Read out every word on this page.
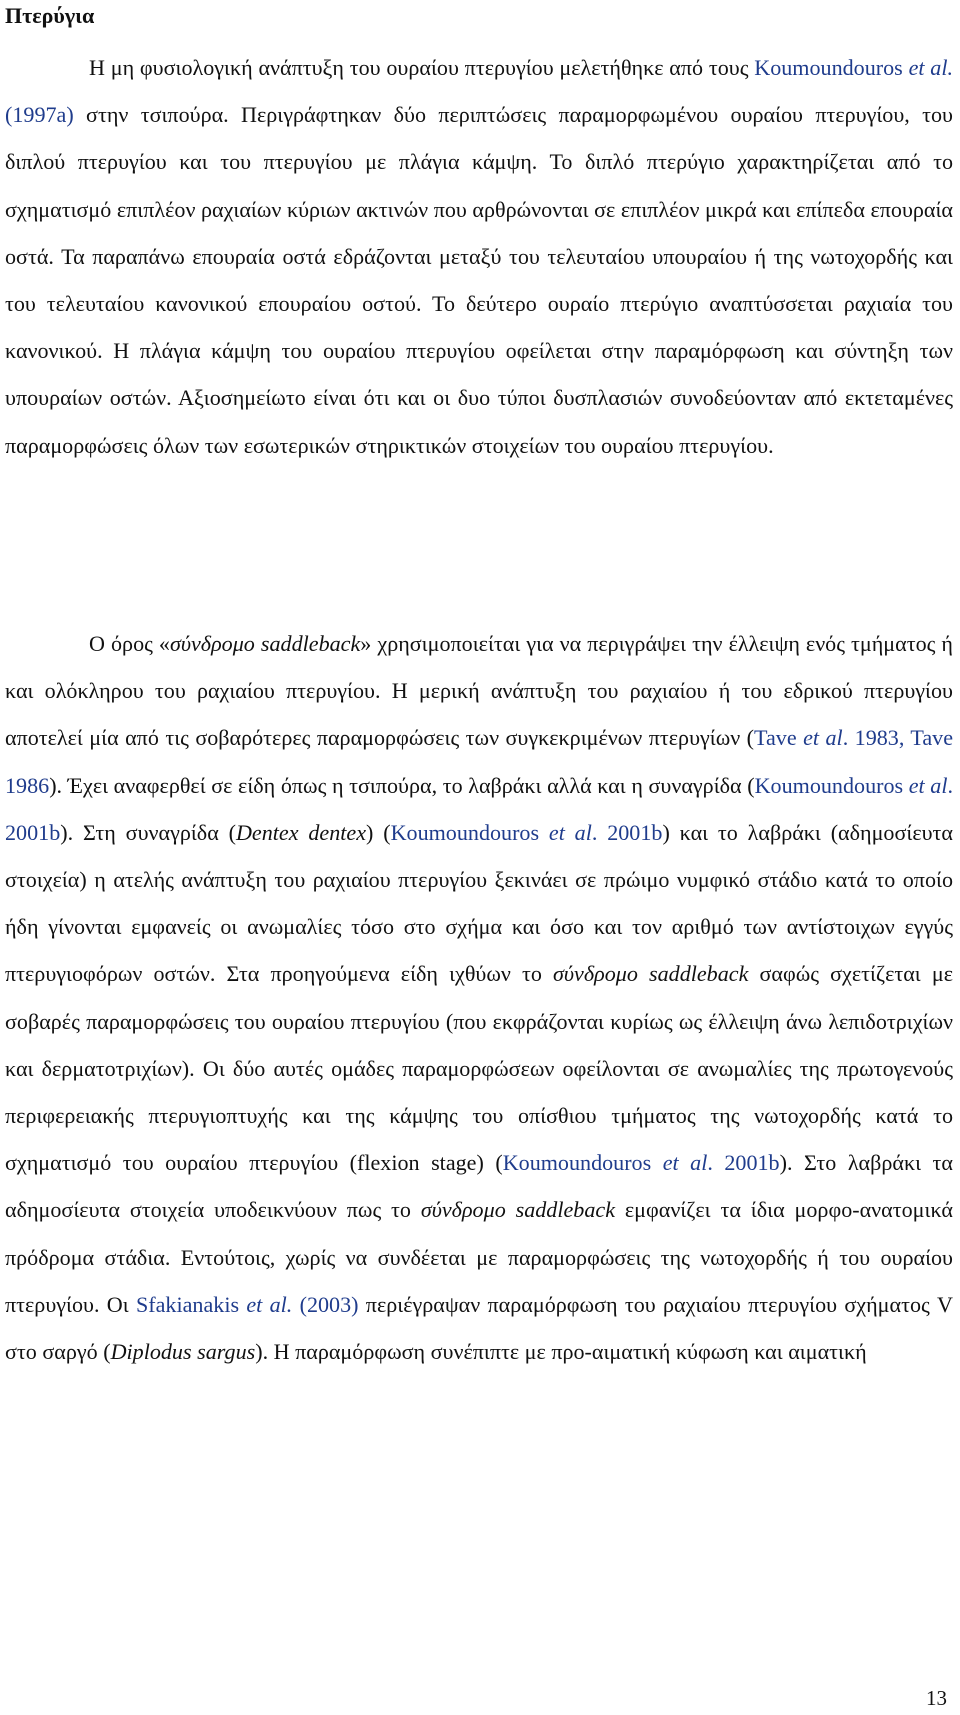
Πτερύγια

Η μη φυσιολογική ανάπτυξη του ουραίου πτερυγίου μελετήθηκε από τους Koumoundouros et al. (1997a) στην τσιπούρα. Περιγράφτηκαν δύο περιπτώσεις παραμορφωμένου ουραίου πτερυγίου, του διπλού πτερυγίου και του πτερυγίου με πλάγια κάμψη. Το διπλό πτερύγιο χαρακτηρίζεται από το σχηματισμό επιπλέον ραχιαίων κύριων ακτινών που αρθρώνονται σε επιπλέον μικρά και επίπεδα επουραία οστά. Τα παραπάνω επουραία οστά εδράζονται μεταξύ του τελευταίου υπουραίου ή της νωτοχορδής και του τελευταίου κανονικού επουραίου οστού. Το δεύτερο ουραίο πτερύγιο αναπτύσσεται ραχιαία του κανονικού. Η πλάγια κάμψη του ουραίου πτερυγίου οφείλεται στην παραμόρφωση και σύντηξη των υπουραίων οστών. Αξιοσημείωτο είναι ότι και οι δυο τύποι δυσπλασιών συνοδεύονταν από εκτεταμένες παραμορφώσεις όλων των εσωτερικών στηρικτικών στοιχείων του ουραίου πτερυγίου.

Ο όρος «σύνδρομο saddleback» χρησιμοποιείται για να περιγράψει την έλλειψη ενός τμήματος ή και ολόκληρου του ραχιαίου πτερυγίου. Η μερική ανάπτυξη του ραχιαίου ή του εδρικού πτερυγίου αποτελεί μία από τις σοβαρότερες παραμορφώσεις των συγκεκριμένων πτερυγίων (Tave et al. 1983, Tave 1986). Έχει αναφερθεί σε είδη όπως η τσιπούρα, το λαβράκι αλλά και η συναγρίδα (Koumoundouros et al. 2001b). Στη συναγρίδα (Dentex dentex) (Koumoundouros et al. 2001b) και το λαβράκι (αδημοσίευτα στοιχεία) η ατελής ανάπτυξη του ραχιαίου πτερυγίου ξεκινάει σε πρώιμο νυμφικό στάδιο κατά το οποίο ήδη γίνονται εμφανείς οι ανωμαλίες τόσο στο σχήμα και όσο και τον αριθμό των αντίστοιχων εγγύς πτερυγιοφόρων οστών. Στα προηγούμενα είδη ιχθύων το σύνδρομο saddleback σαφώς σχετίζεται με σοβαρές παραμορφώσεις του ουραίου πτερυγίου (που εκφράζονται κυρίως ως έλλειψη άνω λεπιδοτριχίων και δερματοτριχίων). Οι δύο αυτές ομάδες παραμορφώσεων οφείλονται σε ανωμαλίες της πρωτογενούς περιφερειακής πτερυγιοπτυχής και της κάμψης του οπίσθιου τμήματος της νωτοχορδής κατά το σχηματισμό του ουραίου πτερυγίου (flexion stage) (Koumoundouros et al. 2001b). Στο λαβράκι τα αδημοσίευτα στοιχεία υποδεικνύουν πως το σύνδρομο saddleback εμφανίζει τα ίδια μορφο-ανατομικά πρόδρομα στάδια. Εντούτοις, χωρίς να συνδέεται με παραμορφώσεις της νωτοχορδής ή του ουραίου πτερυγίου. Οι Sfakianakis et al. (2003) περιέγραψαν παραμόρφωση του ραχιαίου πτερυγίου σχήματος V στο σαργό (Diplodus sargus). Η παραμόρφωση συνέπιπτε με προ-αιματική κύφωση και αιματική

13
